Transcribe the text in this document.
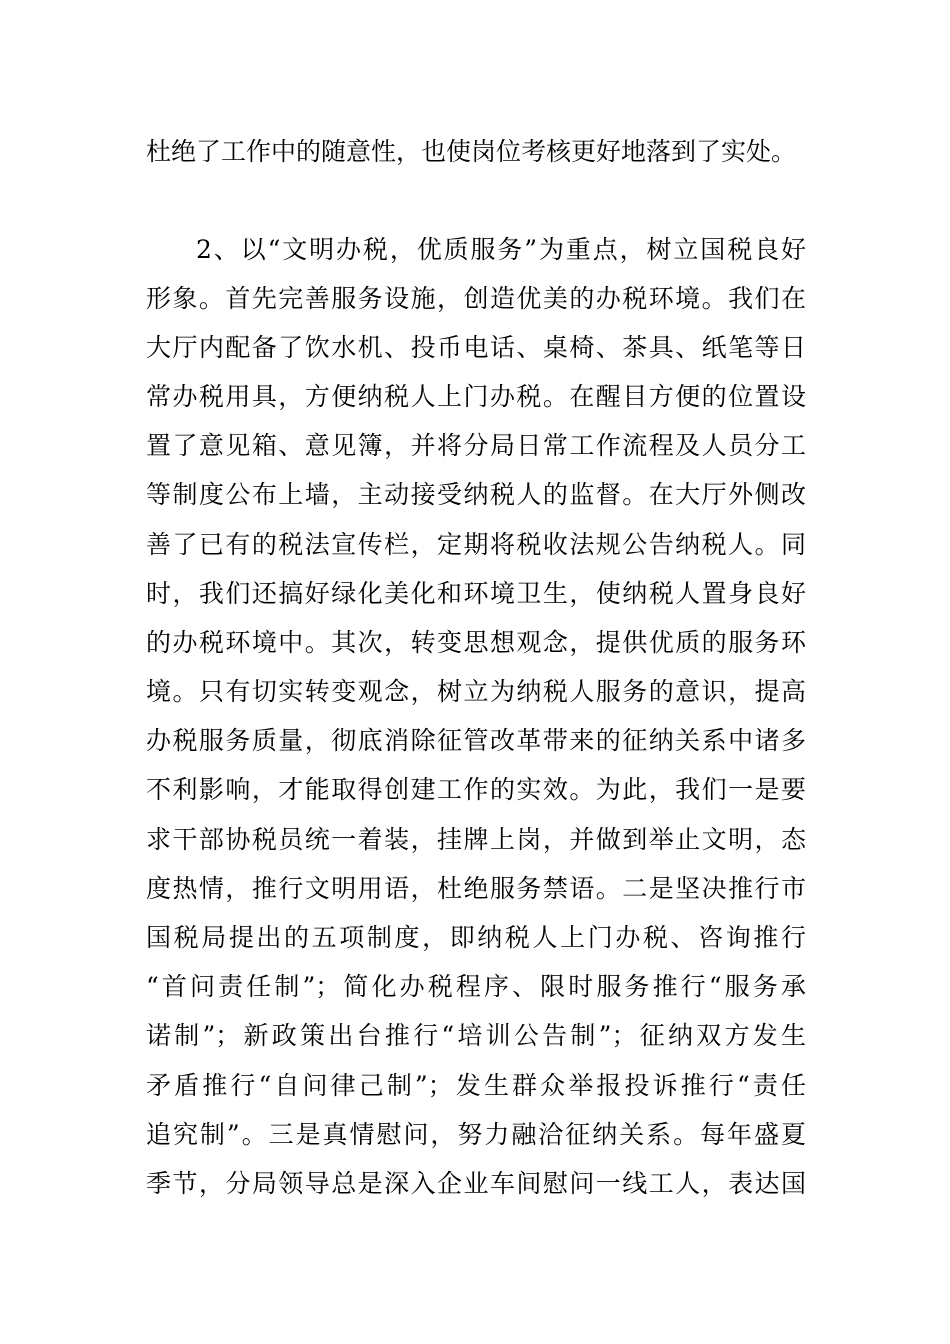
杜绝了工作中的随意性，也使岗位考核更好地落到了实处。
2、以“文明办税，优质服务”为重点，树立国税良好
形象。首先完善服务设施，创造优美的办税环境。我们在
大厅内配备了饮水机、投币电话、桌椅、茶具、纸笔等日
常办税用具，方便纳税人上门办税。在醒目方便的位置设
置了意见箱、意见簿，并将分局日常工作流程及人员分工
等制度公布上墙，主动接受纳税人的监督。在大厅外侧改
善了已有的税法宣传栏，定期将税收法规公告纳税人。同
时，我们还搞好绿化美化和环境卫生，使纳税人置身良好
的办税环境中。其次，转变思想观念，提供优质的服务环
境。只有切实转变观念，树立为纳税人服务的意识，提高
办税服务质量，彻底消除征管改革带来的征纳关系中诸多
不利影响，才能取得创建工作的实效。为此，我们一是要
求干部协税员统一着装，挂牌上岗，并做到举止文明，态
度热情，推行文明用语，杜绝服务禁语。二是坚决推行市
国税局提出的五项制度，即纳税人上门办税、咨询推行
“首问责任制”；简化办税程序、限时服务推行“服务承
诺制”；新政策出台推行“培训公告制”；征纳双方发生
矛盾推行“自问律己制”；发生群众举报投诉推行“责任
追究制”。三是真情慰问，努力融洽征纳关系。每年盛夏
季节，分局领导总是深入企业车间慰问一线工人，表达国
